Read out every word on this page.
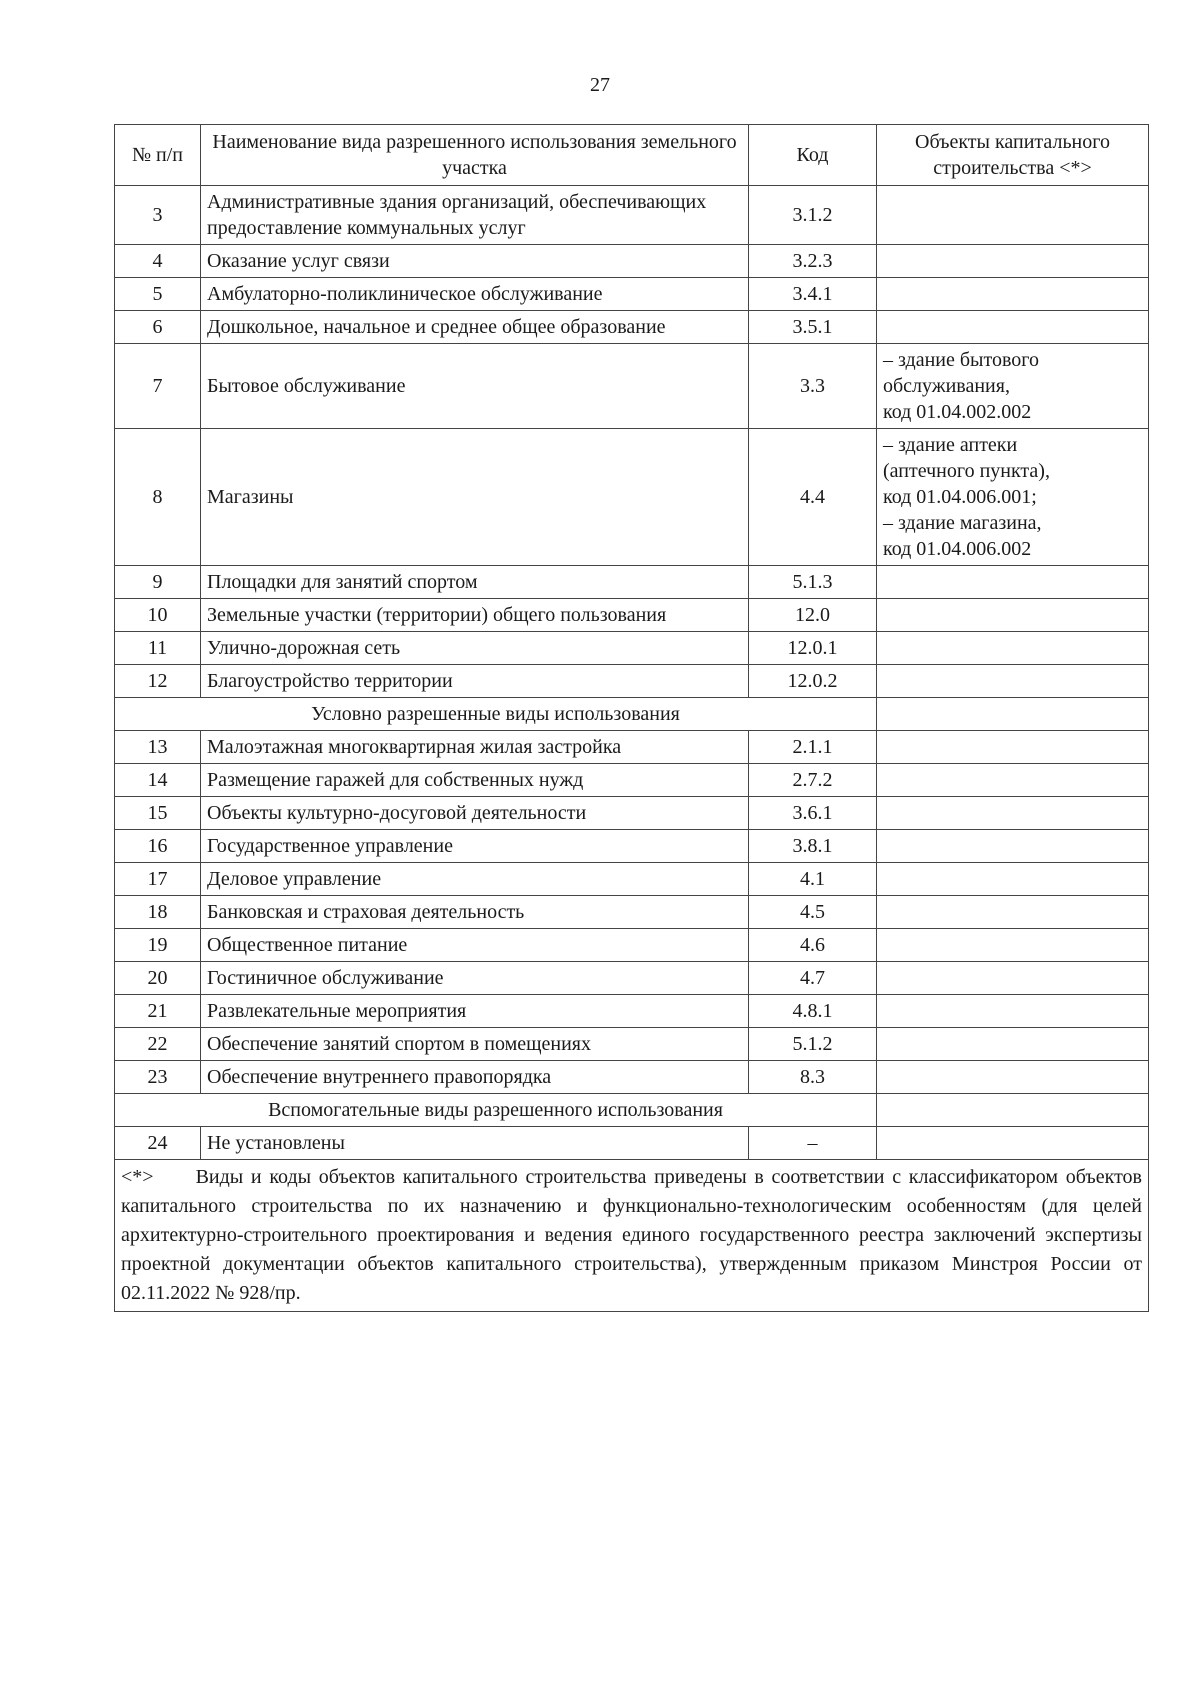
27
№ п/п	Наименование вида разрешенного использования земельного участка	Код	Объекты капитального строительства <*>
3	Административные здания организаций, обеспечивающих предоставление коммунальных услуг	3.1.2	
4	Оказание услуг связи	3.2.3	
5	Амбулаторно-поликлиническое обслуживание	3.4.1	
6	Дошкольное, начальное и среднее общее образование	3.5.1	
7	Бытовое обслуживание	3.3	– здание бытового
обслуживания,
код 01.04.002.002

8	Магазины	4.4	– здание аптеки
(аптечного пункта),
код 01.04.006.001;
– здание магазина,
код 01.04.006.002

9	Площадки для занятий спортом	5.1.3	
10	Земельные участки (территории) общего пользования	12.0	
11	Улично-дорожная сеть	12.0.1	
12	Благоустройство территории	12.0.2	
Условно разрешенные виды использования			
13	Малоэтажная многоквартирная жилая застройка	2.1.1	
14	Размещение гаражей для собственных нужд	2.7.2	
15	Объекты культурно-досуговой деятельности	3.6.1	
16	Государственное управление	3.8.1	
17	Деловое управление	4.1	
18	Банковская и страховая деятельность	4.5	
19	Общественное питание	4.6	
20	Гостиничное обслуживание	4.7	
21	Развлекательные мероприятия	4.8.1	
22	Обеспечение занятий спортом в помещениях	5.1.2	
23	Обеспечение внутреннего правопорядка	8.3	
Вспомогательные виды разрешенного использования			
24	Не установлены	–	
<*> Виды и коды объектов капитального строительства приведены в соответствии с классификатором объектов капитального строительства по их назначению и функционально-технологическим особенностям (для целей архитектурно-строительного проектирования и ведения единого государственного реестра заключений экспертизы проектной документации объектов капитального строительства), утвержденным приказом Минстроя России от 02.11.2022 № 928/пр.			
